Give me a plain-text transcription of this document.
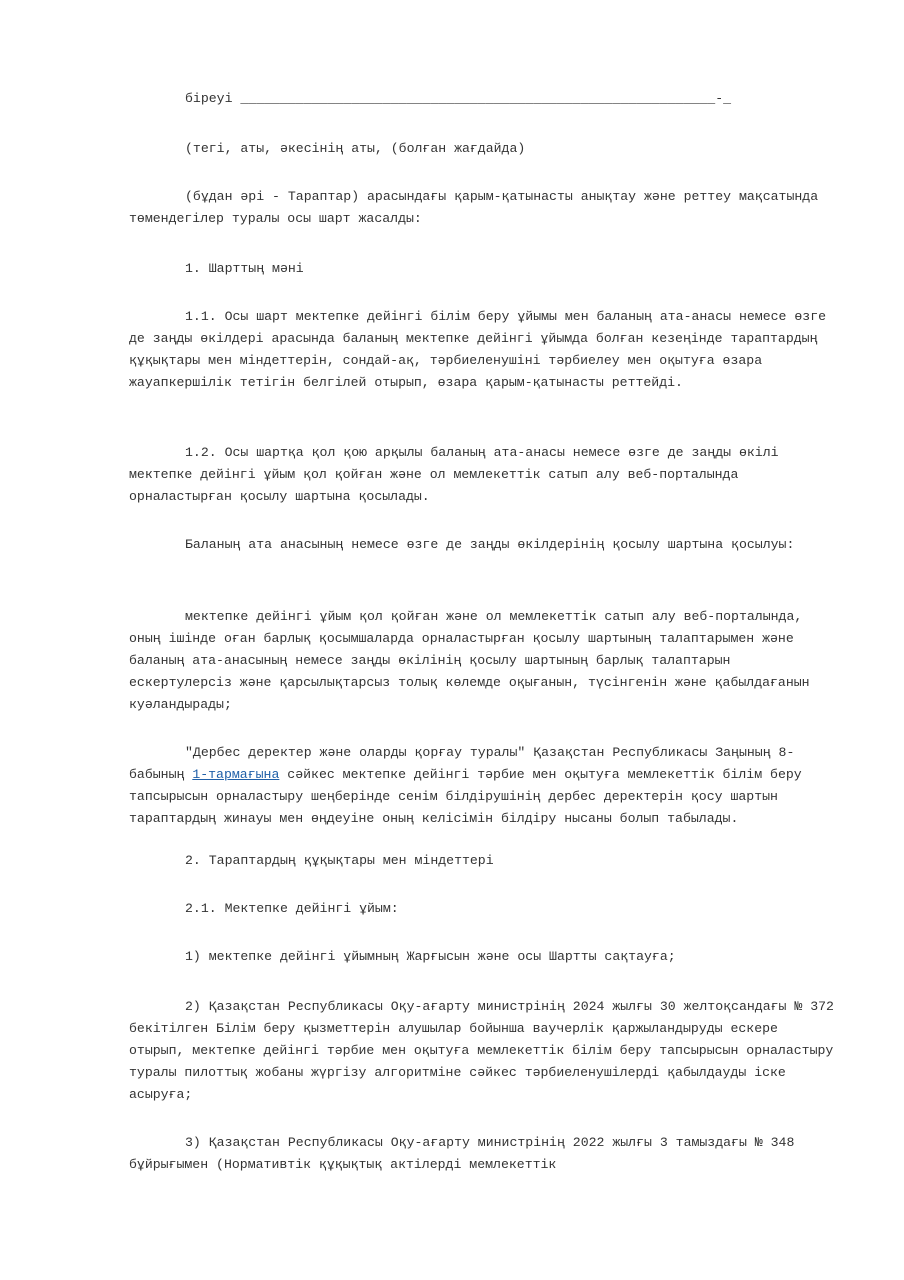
біреуі ____________________________________________________________-_

(тегі, аты, әкесінің аты, (болған жағдайда)

(бұдан әрі - Тараптар) арасындағы қарым-қатынасты анықтау және реттеу мақсатында төмендегілер туралы осы шарт жасалды:

1. Шарттың мәні

1.1. Осы шарт мектепке дейінгі білім беру ұйымы мен баланың ата-анасы немесе өзге де заңды өкілдері арасында баланың мектепке дейінгі ұйымда болған кезеңінде тараптардың құқықтары мен міндеттерін, сондай-ақ, тәрбиеленушіні тәрбиелеу мен оқытуға өзара жауапкершілік тетігін белгілей отырып, өзара қарым-қатынасты реттейді.

1.2. Осы шартқа қол қою арқылы баланың ата-анасы немесе өзге де заңды өкілі мектепке дейінгі ұйым қол қойған және ол мемлекеттік сатып алу веб-порталында орналастырған қосылу шартына қосылады.

Баланың ата анасының немесе өзге де заңды өкілдерінің қосылу шартына қосылуы:

мектепке дейінгі ұйым қол қойған және ол мемлекеттік сатып алу веб-порталында, оның ішінде оған барлық қосымшаларда орналастырған қосылу шартының талаптарымен және баланың ата-анасының немесе заңды өкілінің қосылу шартының барлық талаптарын ескертулерсіз және қарсылықтарсыз толық көлемде оқығанын, түсінгенін және қабылдағанын куәландырады;

"Дербес деректер және оларды қорғау туралы" Қазақстан Республикасы Заңының 8-бабының 1-тармағына сәйкес мектепке дейінгі тәрбие мен оқытуға мемлекеттік білім беру тапсырысын орналастыру шеңберінде сенім білдірушінің дербес деректерін қосу шартын тараптардың жинауы мен өңдеуіне оның келісімін білдіру нысаны болып табылады.

2. Тараптардың құқықтары мен міндеттері

2.1. Мектепке дейінгі ұйым:

1) мектепке дейінгі ұйымның Жарғысын және осы Шартты сақтауға;

2) Қазақстан Республикасы Оқу-ағарту министрінің 2024 жылғы 30 желтоқсандағы № 372 бекітілген Білім беру қызметтерін алушылар бойынша ваучерлік қаржыландыруды ескере отырып, мектепке дейінгі тәрбие мен оқытуға мемлекеттік білім беру тапсырысын орналастыру туралы пилоттық жобаны жүргізу алгоритміне сәйкес тәрбиеленушілерді қабылдауды іске асыруға;

3) Қазақстан Республикасы Оқу-ағарту министрінің 2022 жылғы 3 тамыздағы № 348 бұйрығымен (Нормативтік құқықтық актілерді мемлекеттік
